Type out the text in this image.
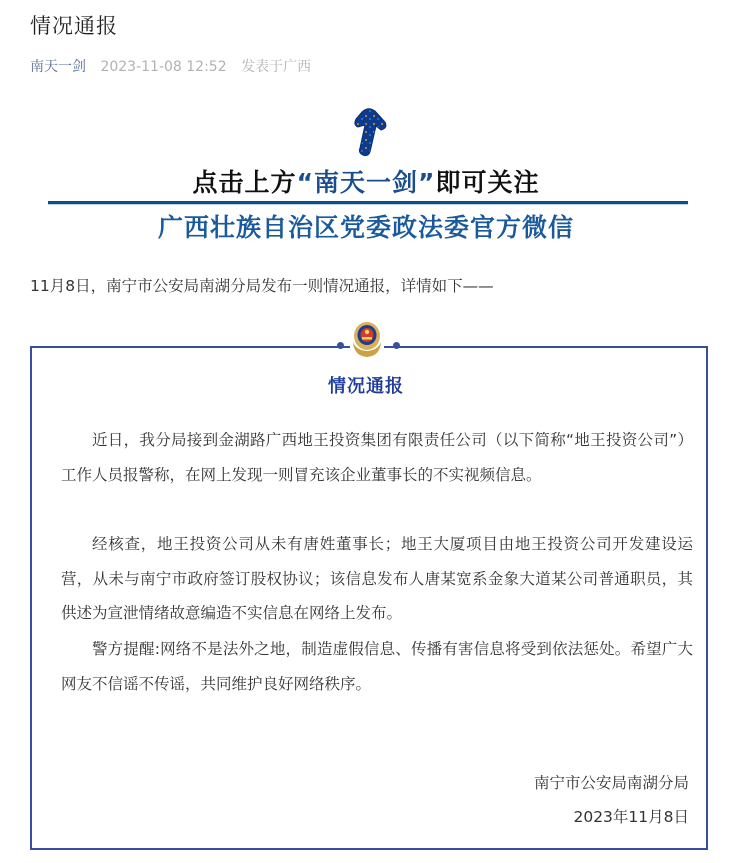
情况通报
南天一剑 2023-11-08 12:52 发表于广西
点击上方“南天一剑”即可关注
广西壮族自治区党委政法委官方微信
11月8日，南宁市公安局南湖分局发布一则情况通报，详情如下——
情况通报

近日，我分局接到金湖路广西地王投资集团有限责任公司（以下简称“地王投资公司”）工作人员报警称，在网上发现一则冒充该企业董事长的不实视频信息。

经核查，地王投资公司从未有唐姓董事长；地王大厦项目由地王投资公司开发建设运营，从未与南宁市政府签订股权协议；该信息发布人唐某宽系金象大道某公司普通职员，其供述为宣泄情绪故意编造不实信息在网络上发布。

警方提醒:网络不是法外之地，制造虚假信息、传播有害信息将受到依法惩处。希望广大网友不信谣不传谣，共同维护良好网络秩序。

南宁市公安局南湖分局
2023年11月8日
